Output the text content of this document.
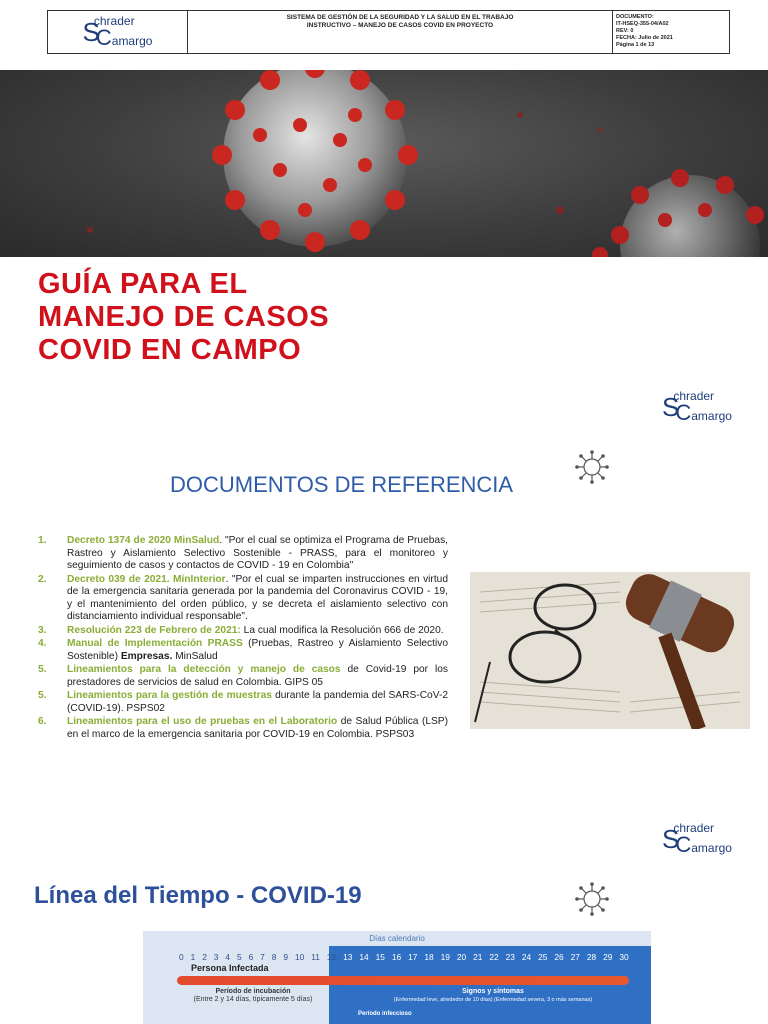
S
chrader
Camargo
SISTEMA DE GESTIÓN DE LA SEGURIDAD Y LA SALUD EN EL TRABAJO
INSTRUCTIVO – MANEJO DE CASOS COVID EN PROYECTO
DOCUMENTO:
IT-HSEQ-355-04/A02
REV: 0
FECHA: Julio de 2021
Página 1 de 13
GUÍA PARA EL
MANEJO DE CASOS
COVID EN CAMPO
S
chrader
Camargo
DOCUMENTOS DE REFERENCIA
1.	Decreto 1374 de 2020 MinSalud. "Por el cual se optimiza el Programa de Pruebas, Rastreo y Aislamiento Selectivo Sostenible - PRASS, para el monitoreo y seguimiento de casos y contactos de COVID - 19 en Colombia"
2.	Decreto 039 de 2021. MinInterior. "Por el cual se imparten instrucciones en virtud de la emergencia sanitaria generada por la pandemia del Coronavirus COVID - 19, y el mantenimiento del orden público, y se decreta el aislamiento selectivo con distanciamiento individual responsable".
3.	Resolución 223 de Febrero de 2021: La cual modifica la Resolución 666 de 2020.
4.	Manual de Implementación PRASS (Pruebas, Rastreo y Aislamiento Selectivo Sostenible) Empresas. MinSalud
5.	Lineamientos para la detección y manejo de casos de Covid-19 por los prestadores de servicios de salud en Colombia. GIPS 05
5.	Lineamientos para la gestión de muestras durante la pandemia del SARS-CoV-2 (COVID-19). PSPS02
6.	Lineamientos para el uso de pruebas en el Laboratorio de Salud Pública (LSP) en el marco de la emergencia sanitaria por COVID-19 en Colombia. PSPS03
S
chrader
Camargo
Línea del Tiempo - COVID-19
Días calendario
0 1 2 3 4 5 6 7 8 9 10 11 12 13 14 15 16 17 18 19 20 21 22 23 24 25 26 27 28 29 30
Persona Infectada
Período de incubación
(Entre 2 y 14 días, típicamente 5 días)
Signos y síntomas
(Enfermedad leve, alrededor de 10 días) (Enfermedad severa, 3 o más semanas)
Período infeccioso
